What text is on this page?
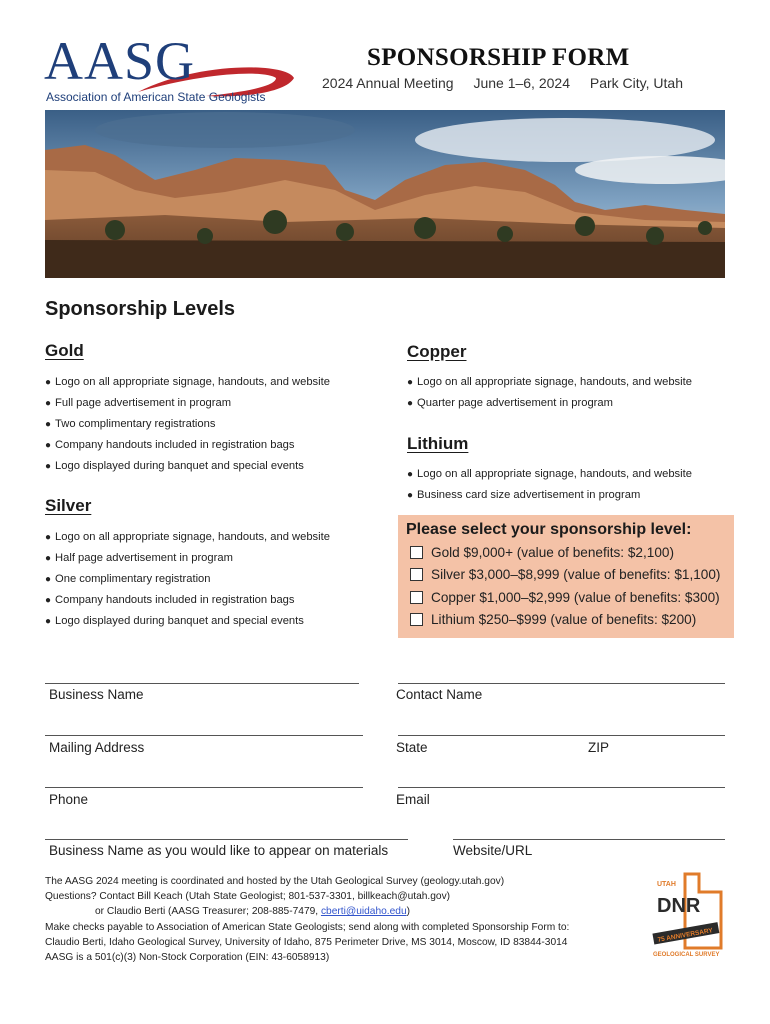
AASG
Association of American State Geologists
SPONSORSHIP FORM
2024 Annual Meeting June 1–6, 2024 Park City, Utah
Sponsorship Levels
Gold
● Logo on all appropriate signage, handouts, and website
● Full page advertisement in program
● Two complimentary registrations
● Company handouts included in registration bags
● Logo displayed during banquet and special events
Silver
● Logo on all appropriate signage, handouts, and website
● Half page advertisement in program
● One complimentary registration
● Company handouts included in registration bags
● Logo displayed during banquet and special events
Copper
● Logo on all appropriate signage, handouts, and website
● Quarter page advertisement in program
Lithium
● Logo on all appropriate signage, handouts, and website
● Business card size advertisement in program
Please select your sponsorship level:
Gold $9,000+ (value of benefits: $2,100)
Silver $3,000–$8,999 (value of benefits: $1,100)
Copper $1,000–$2,999 (value of benefits: $300)
Lithium $250–$999 (value of benefits: $200)
Business Name	Contact Name
Mailing Address	State	ZIP
Phone	Email
Business Name as you would like to appear on materials	Website/URL
The AASG 2024 meeting is coordinated and hosted by the Utah Geological Survey (geology.utah.gov)
Questions? Contact Bill Keach (Utah State Geologist; 801-537-3301, billkeach@utah.gov)
or Claudio Berti (AASG Treasurer; 208-885-7479, cberti@uidaho.edu)
Make checks payable to Association of American State Geologists; send along with completed Sponsorship Form to:
Claudio Berti, Idaho Geological Survey, University of Idaho, 875 Perimeter Drive, MS 3014, Moscow, ID 83844-3014
AASG is a 501(c)(3) Non-Stock Corporation (EIN: 43-6058913)
UTAH
DNR
75 ANNIVERSARY
GEOLOGICAL SURVEY
